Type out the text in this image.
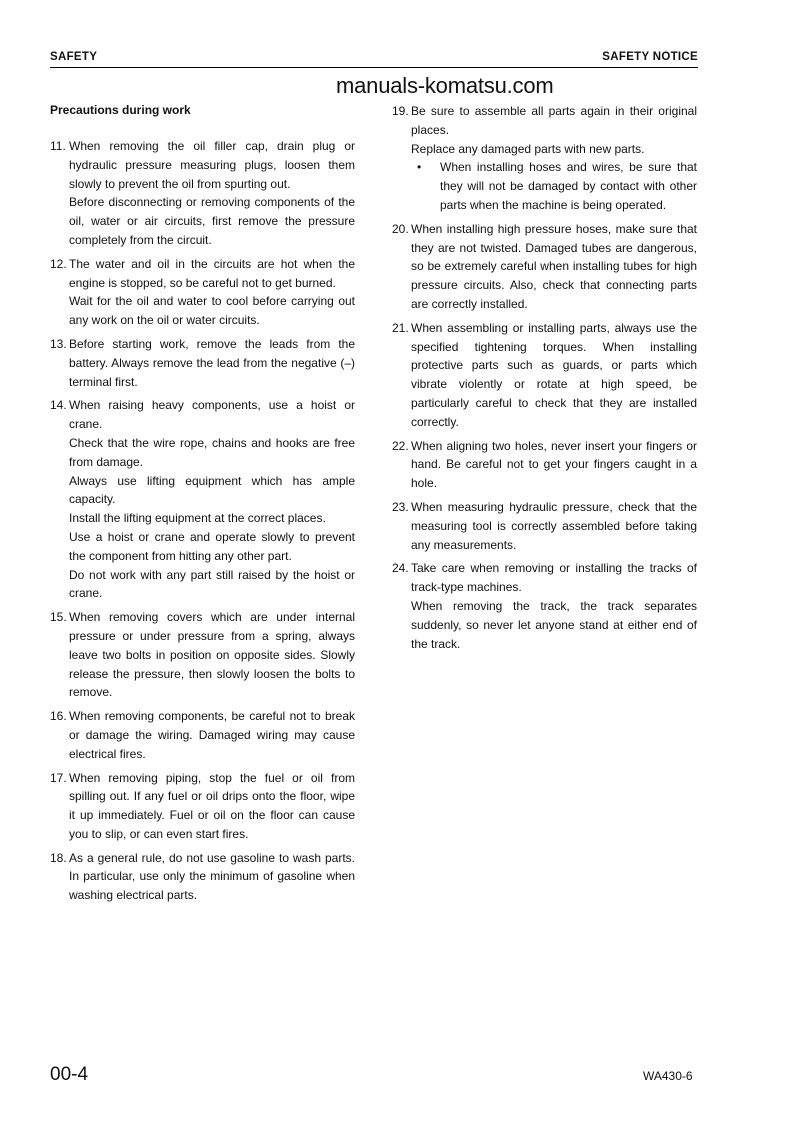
SAFETY	SAFETY NOTICE
manuals-komatsu.com
Precautions during work
11. When removing the oil filler cap, drain plug or hydraulic pressure measuring plugs, loosen them slowly to prevent the oil from spurting out.
Before disconnecting or removing components of the oil, water or air circuits, first remove the pressure completely from the circuit.
12. The water and oil in the circuits are hot when the engine is stopped, so be careful not to get burned.
Wait for the oil and water to cool before carrying out any work on the oil or water circuits.
13. Before starting work, remove the leads from the battery. Always remove the lead from the negative (–) terminal first.
14. When raising heavy components, use a hoist or crane.
Check that the wire rope, chains and hooks are free from damage.
Always use lifting equipment which has ample capacity.
Install the lifting equipment at the correct places.
Use a hoist or crane and operate slowly to prevent the component from hitting any other part.
Do not work with any part still raised by the hoist or crane.
15. When removing covers which are under internal pressure or under pressure from a spring, always leave two bolts in position on opposite sides. Slowly release the pressure, then slowly loosen the bolts to remove.
16. When removing components, be careful not to break or damage the wiring. Damaged wiring may cause electrical fires.
17. When removing piping, stop the fuel or oil from spilling out. If any fuel or oil drips onto the floor, wipe it up immediately. Fuel or oil on the floor can cause you to slip, or can even start fires.
18. As a general rule, do not use gasoline to wash parts. In particular, use only the minimum of gasoline when washing electrical parts.
19. Be sure to assemble all parts again in their original places.
Replace any damaged parts with new parts.
• When installing hoses and wires, be sure that they will not be damaged by contact with other parts when the machine is being operated.
20. When installing high pressure hoses, make sure that they are not twisted. Damaged tubes are dangerous, so be extremely careful when installing tubes for high pressure circuits. Also, check that connecting parts are correctly installed.
21. When assembling or installing parts, always use the specified tightening torques. When installing protective parts such as guards, or parts which vibrate violently or rotate at high speed, be particularly careful to check that they are installed correctly.
22. When aligning two holes, never insert your fingers or hand. Be careful not to get your fingers caught in a hole.
23. When measuring hydraulic pressure, check that the measuring tool is correctly assembled before taking any measurements.
24. Take care when removing or installing the tracks of track-type machines.
When removing the track, the track separates suddenly, so never let anyone stand at either end of the track.
00-4	WA430-6
